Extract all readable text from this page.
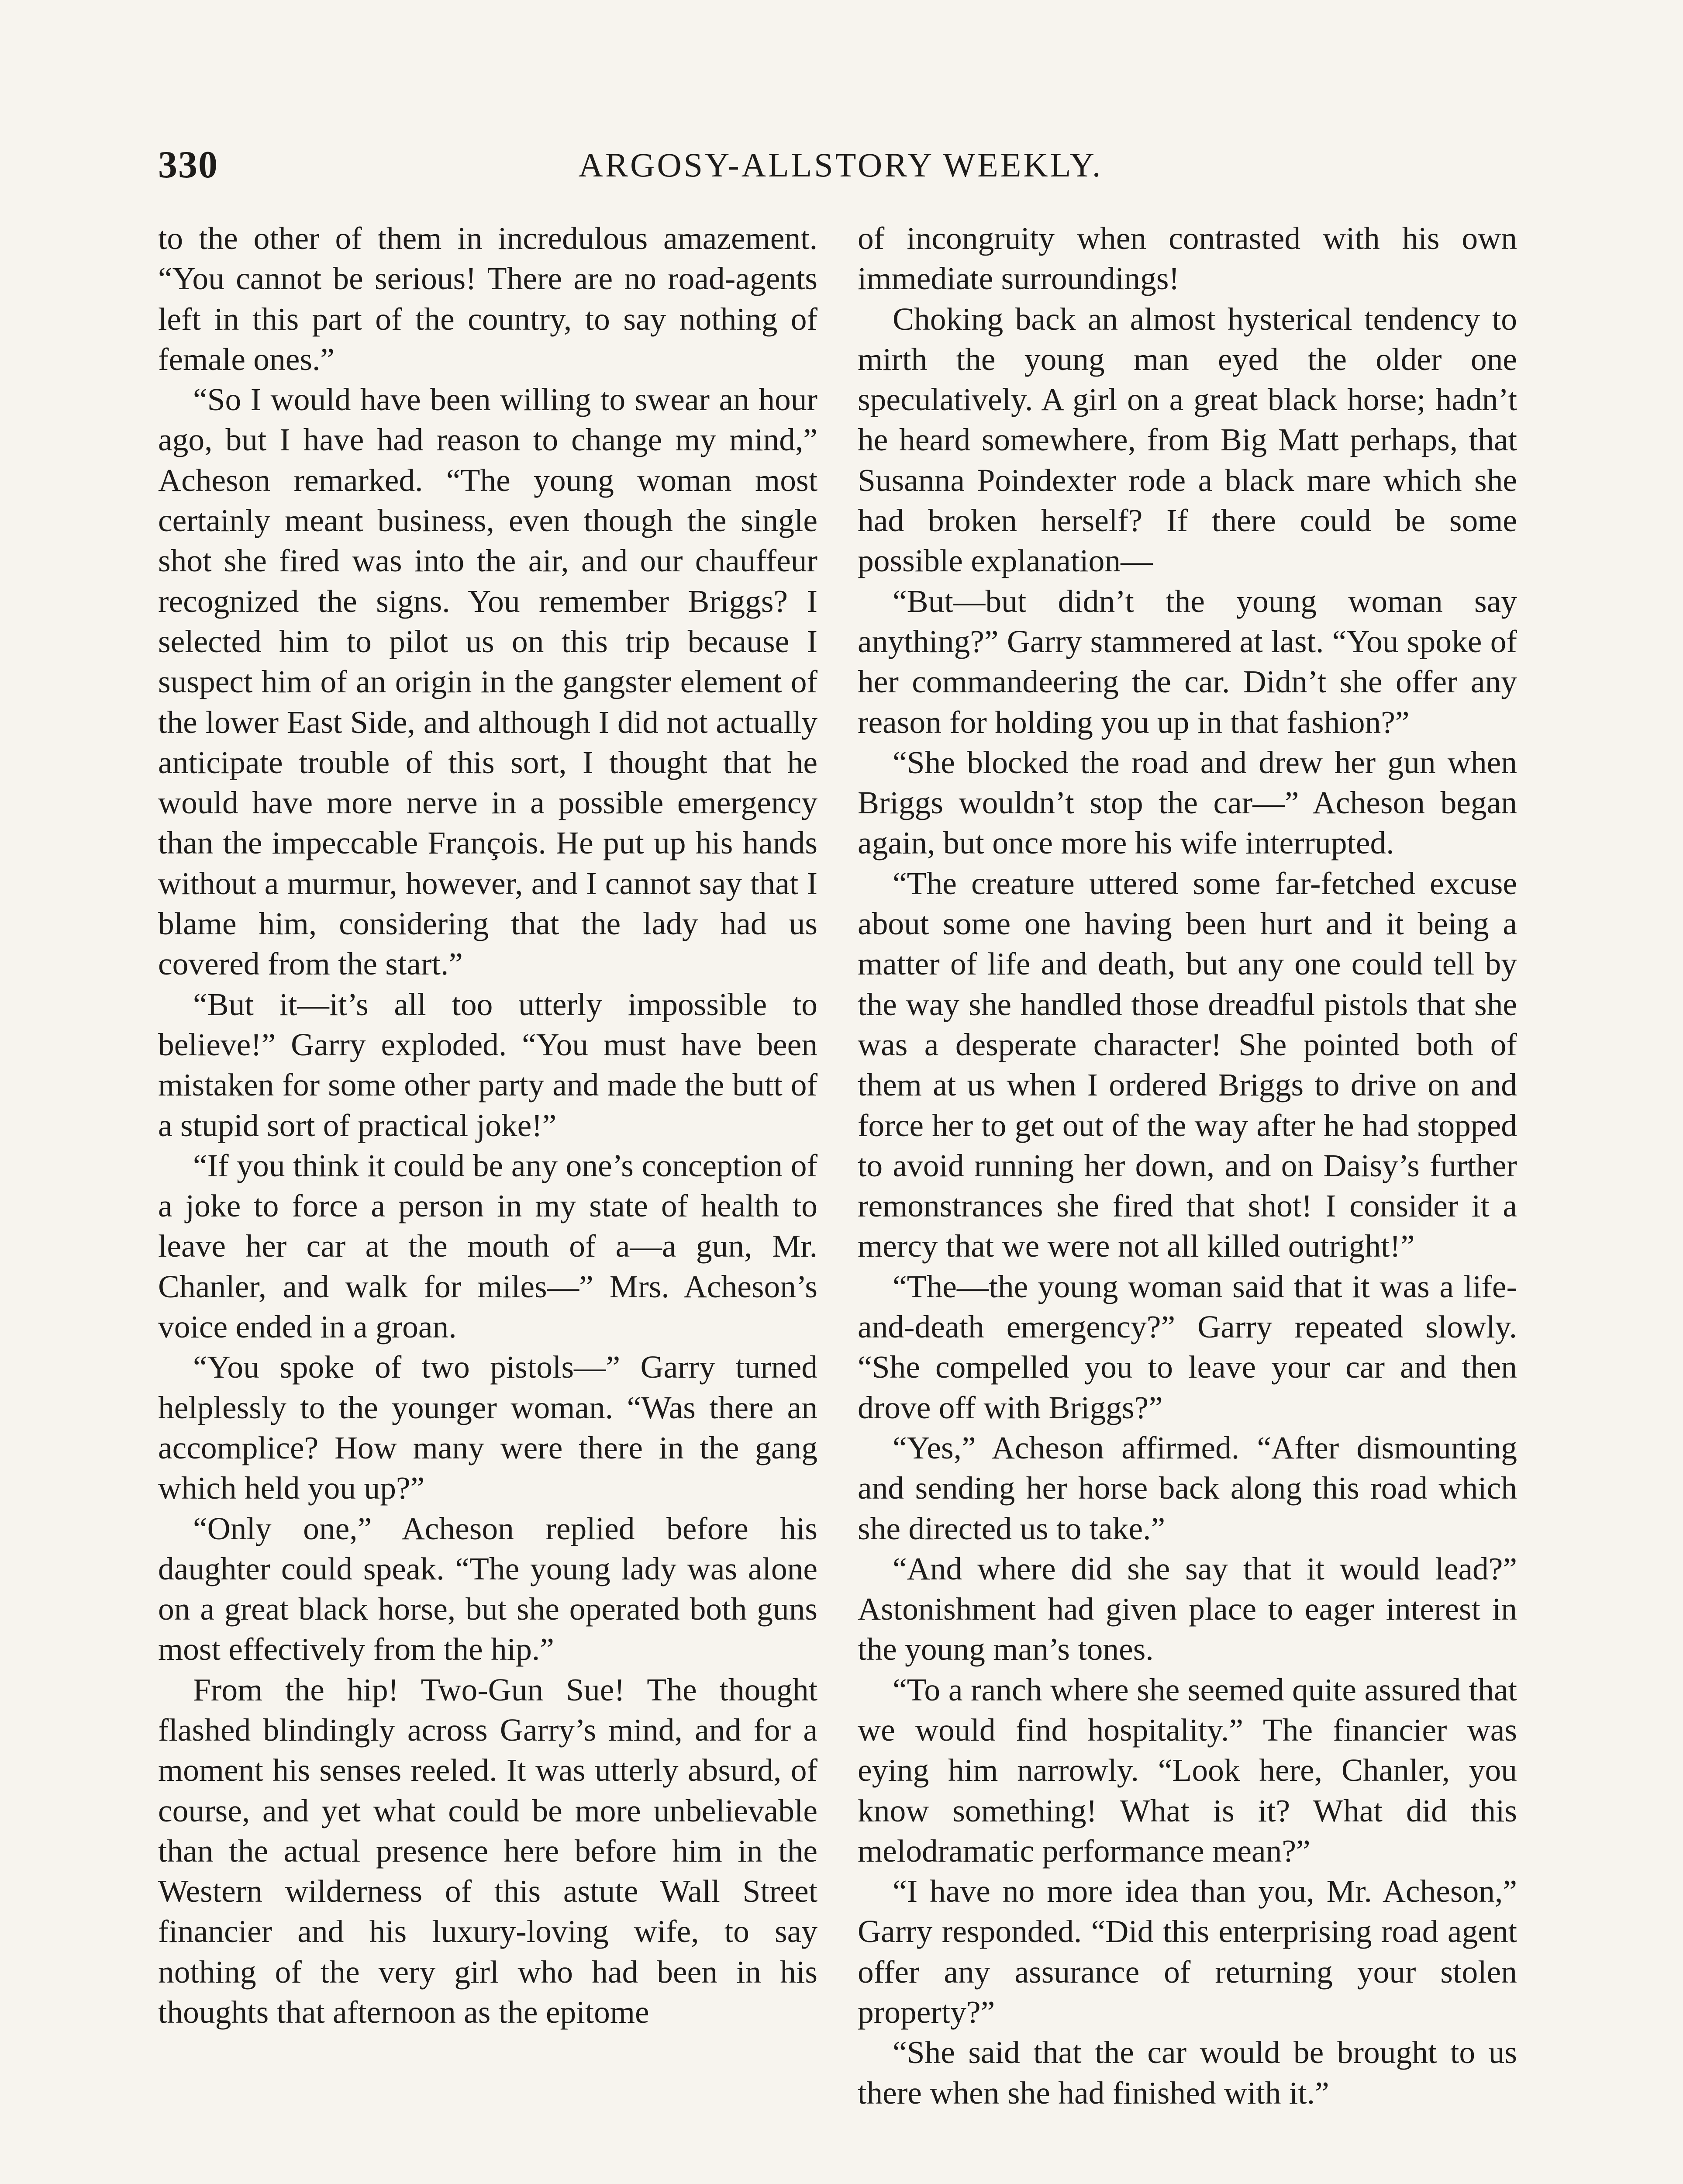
330	ARGOSY-ALLSTORY WEEKLY.

to the other of them in incredulous amazement. “You cannot be serious! There are no road-agents left in this part of the country, to say nothing of female ones.”

“So I would have been willing to swear an hour ago, but I have had reason to change my mind,” Acheson remarked. “The young woman most certainly meant business, even though the single shot she fired was into the air, and our chauffeur recognized the signs. You remember Briggs? I selected him to pilot us on this trip because I suspect him of an origin in the gangster element of the lower East Side, and although I did not actually anticipate trouble of this sort, I thought that he would have more nerve in a possible emergency than the impeccable François. He put up his hands without a murmur, however, and I cannot say that I blame him, considering that the lady had us covered from the start.”

“But it—it’s all too utterly impossible to believe!” Garry exploded. “You must have been mistaken for some other party and made the butt of a stupid sort of practical joke!”

“If you think it could be any one’s conception of a joke to force a person in my state of health to leave her car at the mouth of a—a gun, Mr. Chanler, and walk for miles—” Mrs. Acheson’s voice ended in a groan.

“You spoke of two pistols—” Garry turned helplessly to the younger woman. “Was there an accomplice? How many were there in the gang which held you up?”

“Only one,” Acheson replied before his daughter could speak. “The young lady was alone on a great black horse, but she operated both guns most effectively from the hip.”

From the hip! Two-Gun Sue! The thought flashed blindingly across Garry’s mind, and for a moment his senses reeled. It was utterly absurd, of course, and yet what could be more unbelievable than the actual presence here before him in the Western wilderness of this astute Wall Street financier and his luxury-loving wife, to say nothing of the very girl who had been in his thoughts that afternoon as the epitome

of incongruity when contrasted with his own immediate surroundings!

Choking back an almost hysterical tendency to mirth the young man eyed the older one speculatively. A girl on a great black horse; hadn’t he heard somewhere, from Big Matt perhaps, that Susanna Poindexter rode a black mare which she had broken herself? If there could be some possible explanation—

“But—but didn’t the young woman say anything?” Garry stammered at last. “You spoke of her commandeering the car. Didn’t she offer any reason for holding you up in that fashion?”

“She blocked the road and drew her gun when Briggs wouldn’t stop the car—” Acheson began again, but once more his wife interrupted.

“The creature uttered some far-fetched excuse about some one having been hurt and it being a matter of life and death, but any one could tell by the way she handled those dreadful pistols that she was a desperate character! She pointed both of them at us when I ordered Briggs to drive on and force her to get out of the way after he had stopped to avoid running her down, and on Daisy’s further remonstrances she fired that shot! I consider it a mercy that we were not all killed outright!”

“The—the young woman said that it was a life-and-death emergency?” Garry repeated slowly. “She compelled you to leave your car and then drove off with Briggs?”

“Yes,” Acheson affirmed. “After dismounting and sending her horse back along this road which she directed us to take.”

“And where did she say that it would lead?” Astonishment had given place to eager interest in the young man’s tones.

“To a ranch where she seemed quite assured that we would find hospitality.” The financier was eying him narrowly. “Look here, Chanler, you know something! What is it? What did this melodramatic performance mean?”

“I have no more idea than you, Mr. Acheson,” Garry responded. “Did this enterprising road agent offer any assurance of returning your stolen property?”

“She said that the car would be brought to us there when she had finished with it.”
